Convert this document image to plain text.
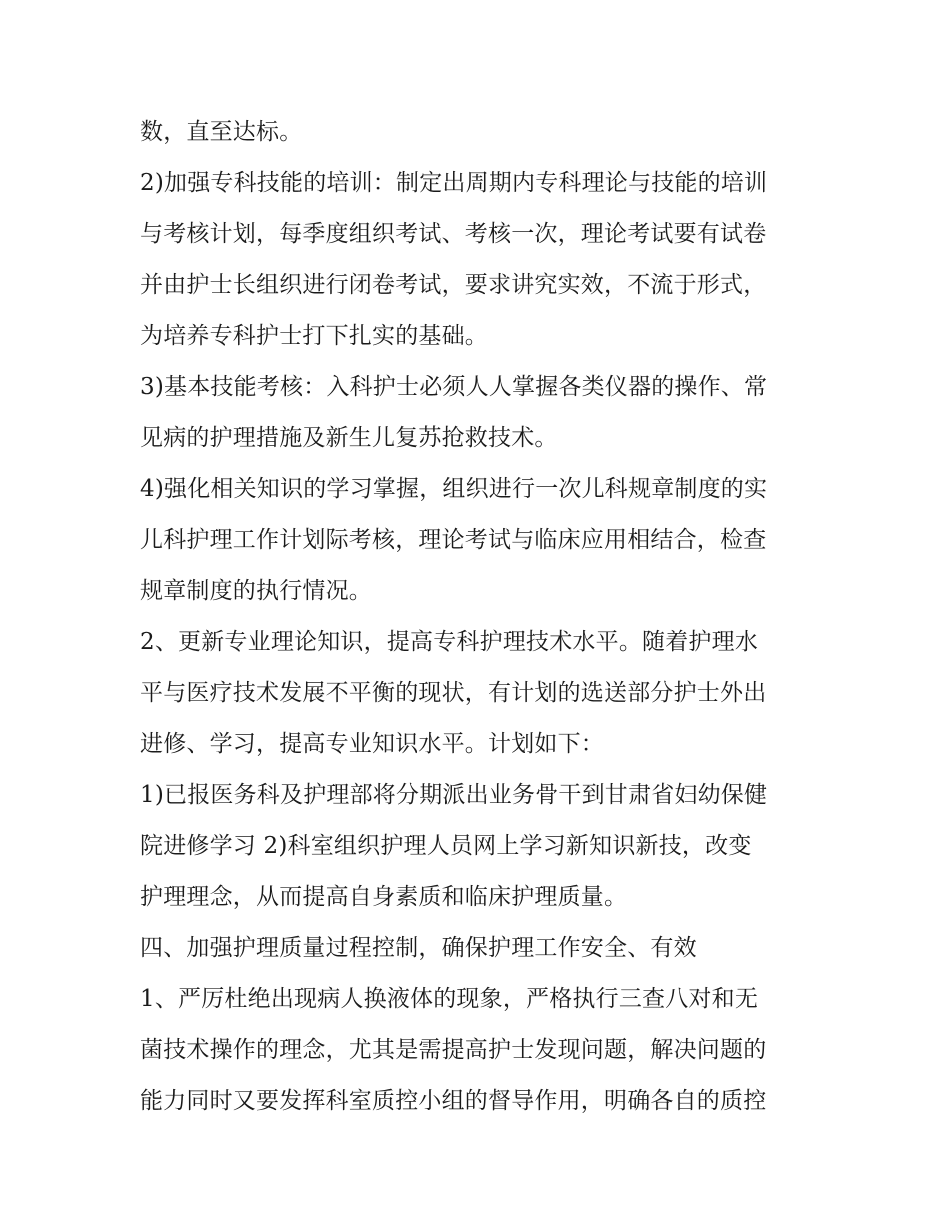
数，直至达标。
2)加强专科技能的培训：制定出周期内专科理论与技能的培训
与考核计划，每季度组织考试、考核一次，理论考试要有试卷
并由护士长组织进行闭卷考试，要求讲究实效，不流于形式，
为培养专科护士打下扎实的基础。
3)基本技能考核：入科护士必须人人掌握各类仪器的操作、常
见病的护理措施及新生儿复苏抢救技术。
4)强化相关知识的学习掌握，组织进行一次儿科规章制度的实
儿科护理工作计划际考核，理论考试与临床应用相结合，检查
规章制度的执行情况。
2、更新专业理论知识，提高专科护理技术水平。随着护理水
平与医疗技术发展不平衡的现状，有计划的选送部分护士外出
进修、学习，提高专业知识水平。计划如下：
1)已报医务科及护理部将分期派出业务骨干到甘肃省妇幼保健
院进修学习 2)科室组织护理人员网上学习新知识新技，改变
护理理念，从而提高自身素质和临床护理质量。
四、加强护理质量过程控制，确保护理工作安全、有效
1、严厉杜绝出现病人换液体的现象，严格执行三查八对和无
菌技术操作的理念，尤其是需提高护士发现问题，解决问题的
能力同时又要发挥科室质控小组的督导作用，明确各自的质控
